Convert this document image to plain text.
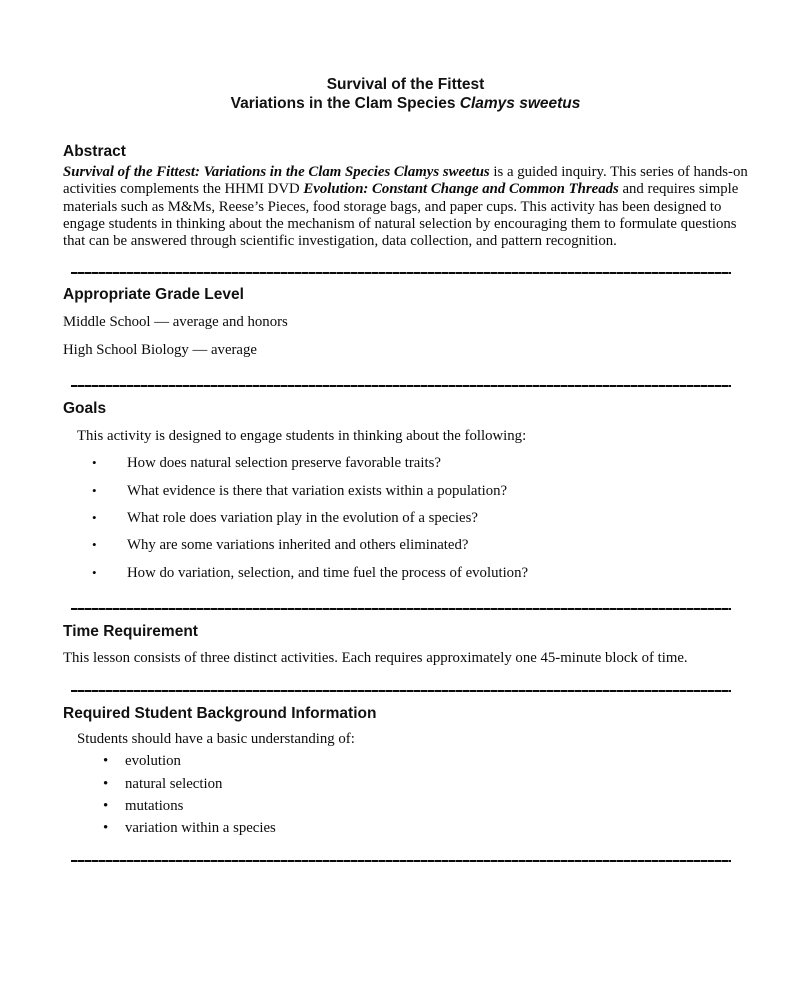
Survival of the Fittest
Variations in the Clam Species Clamys sweetus
Abstract
Survival of the Fittest: Variations in the Clam Species Clamys sweetus is a guided inquiry. This series of hands-on activities complements the HHMI DVD Evolution: Constant Change and Common Threads and requires simple materials such as M&Ms, Reese’s Pieces, food storage bags, and paper cups. This activity has been designed to engage students in thinking about the mechanism of natural selection by encouraging them to formulate questions that can be answered through scientific investigation, data collection, and pattern recognition.
Appropriate Grade Level
Middle School — average and honors
High School Biology — average
Goals
This activity is designed to engage students in thinking about the following:
•	How does natural selection preserve favorable traits?
•	What evidence is there that variation exists within a population?
•	What role does variation play in the evolution of a species?
•	Why are some variations inherited and others eliminated?
•	How do variation, selection, and time fuel the process of evolution?
Time Requirement
This lesson consists of three distinct activities. Each requires approximately one 45-minute block of time.
Required Student Background Information
Students should have a basic understanding of:
•	evolution
•	natural selection
•	mutations
•	variation within a species
